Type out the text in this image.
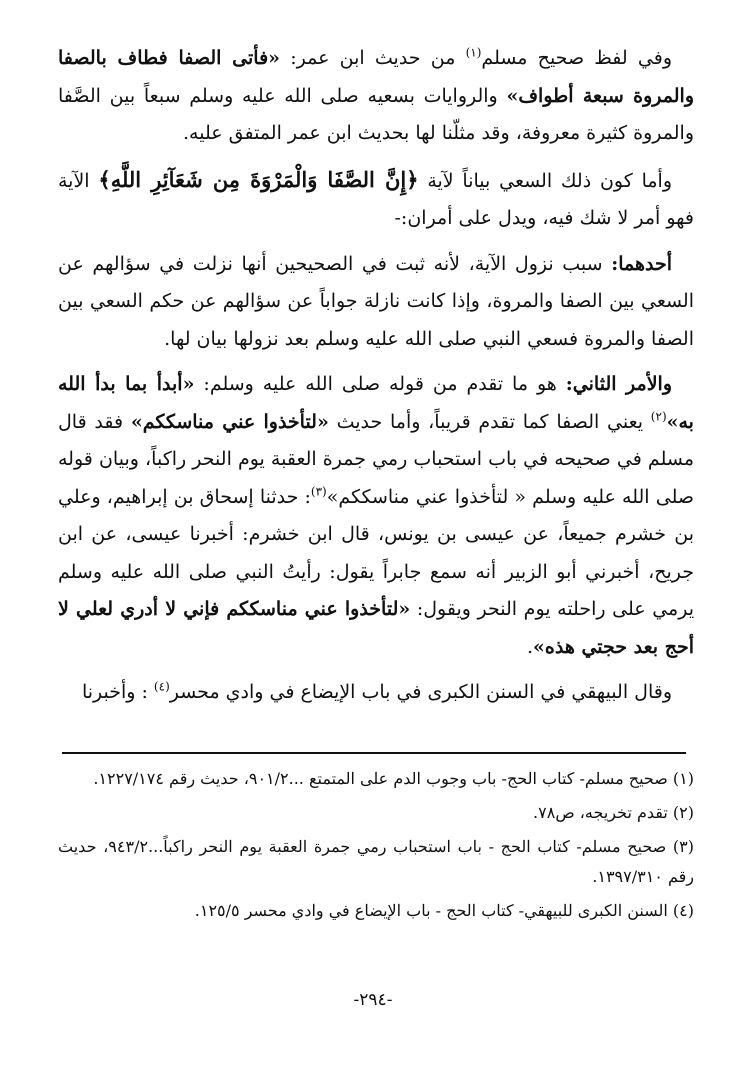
وفي لفظ صحيح مسلم$^{(١)}$ من حديث ابن عمر: «فأتى الصفا فطاف بالصفا والمروة سبعة أطواف» والروايات بسعيه صلى الله عليه وسلم سبعاً بين الصَّفا والمروة كثيرة معروفة، وقد مثلّنا لها بحديث ابن عمر المتفق عليه.

وأما كون ذلك السعي بياناً لآية ﴿إِنَّ الصَّفَا وَالْمَرْوَةَ مِن شَعَآئِرِ اللَّهِ﴾ الآية فهو أمر لا شك فيه، ويدل على أمران:-

أحدهما: سبب نزول الآية، لأنه ثبت في الصحيحين أنها نزلت في سؤالهم عن السعي بين الصفا والمروة، وإذا كانت نازلة جواباً عن سؤالهم عن حكم السعي بين الصفا والمروة فسعي النبي صلى الله عليه وسلم بعد نزولها بيان لها.

والأمر الثاني: هو ما تقدم من قوله صلى الله عليه وسلم: «أبدأ بما بدأ الله به»$^{(٢)}$ يعني الصفا كما تقدم قريباً، وأما حديث «لتأخذوا عني مناسككم» فقد قال مسلم في صحيحه في باب استحباب رمي جمرة العقبة يوم النحر راكباً، وبيان قوله صلى الله عليه وسلم « لتأخذوا عني مناسككم»$^{(٣)}$: حدثنا إسحاق بن إبراهيم، وعلي بن خشرم جميعاً، عن عيسى بن يونس، قال ابن خشرم: أخبرنا عيسى، عن ابن جريح، أخبرني أبو الزبير أنه سمع جابراً يقول: رأيتُ النبي صلى الله عليه وسلم يرمي على راحلته يوم النحر ويقول: «لتأخذوا عني مناسككم فإني لا أدري لعلي لا أحج بعد حجتي هذه».

وقال البيهقي في السنن الكبرى في باب الإيضاع في وادي محسر$^{(٤)}$ : وأخبرنا

(١) صحيح مسلم- كتاب الحج- باب وجوب الدم على المتمتع ...٩٠١/٢، حديث رقم ١٢٢٧/١٧٤.

(٢) تقدم تخريجه، ص٧٨.

(٣) صحيح مسلم- كتاب الحج - باب استحباب رمي جمرة العقبة يوم النحر راكباً...٩٤٣/٢، حديث رقم ١٣٩٧/٣١٠.

(٤) السنن الكبرى للبيهقي- كتاب الحج - باب الإيضاع في وادي محسر ١٢٥/٥.

-٢٩٤-
